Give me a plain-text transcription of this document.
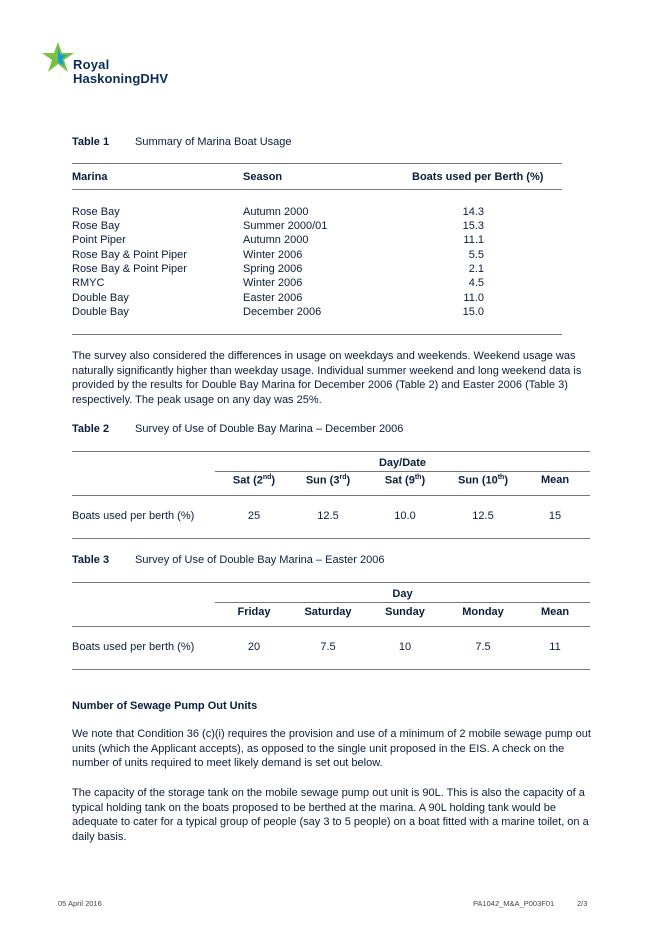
Royal
HaskoningDHV
Table 1 Summary of Marina Boat Usage
Marina	Season	Boats used per Berth (%)
Rose Bay	Autumn 2000	14.3
Rose Bay	Summer 2000/01	15.3
Point Piper	Autumn 2000	11.1
Rose Bay & Point Piper	Winter 2006	5.5
Rose Bay & Point Piper	Spring 2006	2.1
RMYC	Winter 2006	4.5
Double Bay	Easter 2006	11.0
Double Bay	December 2006	15.0
The survey also considered the differences in usage on weekdays and weekends. Weekend usage was naturally significantly higher than weekday usage. Individual summer weekend and long weekend data is provided by the results for Double Bay Marina for December 2006 (Table 2) and Easter 2006 (Table 3) respectively. The peak usage on any day was 25%.
Table 2 Survey of Use of Double Bay Marina – December 2006
Day/Date
Sat (2nd)	Sun (3rd)	Sat (9th)	Sun (10th)	Mean
Boats used per berth (%)	25	12.5	10.0	12.5	15
Table 3 Survey of Use of Double Bay Marina – Easter 2006
Day
Friday	Saturday	Sunday	Monday	Mean
Boats used per berth (%)	20	7.5	10	7.5	11
Number of Sewage Pump Out Units
We note that Condition 36 (c)(i) requires the provision and use of a minimum of 2 mobile sewage pump out units (which the Applicant accepts), as opposed to the single unit proposed in the EIS. A check on the number of units required to meet likely demand is set out below.
The capacity of the storage tank on the mobile sewage pump out unit is 90L. This is also the capacity of a typical holding tank on the boats proposed to be berthed at the marina. A 90L holding tank would be adequate to cater for a typical group of people (say 3 to 5 people) on a boat fitted with a marine toilet, on a daily basis.
05 April 2016	PA1042_M&A_P003F01	2/3
